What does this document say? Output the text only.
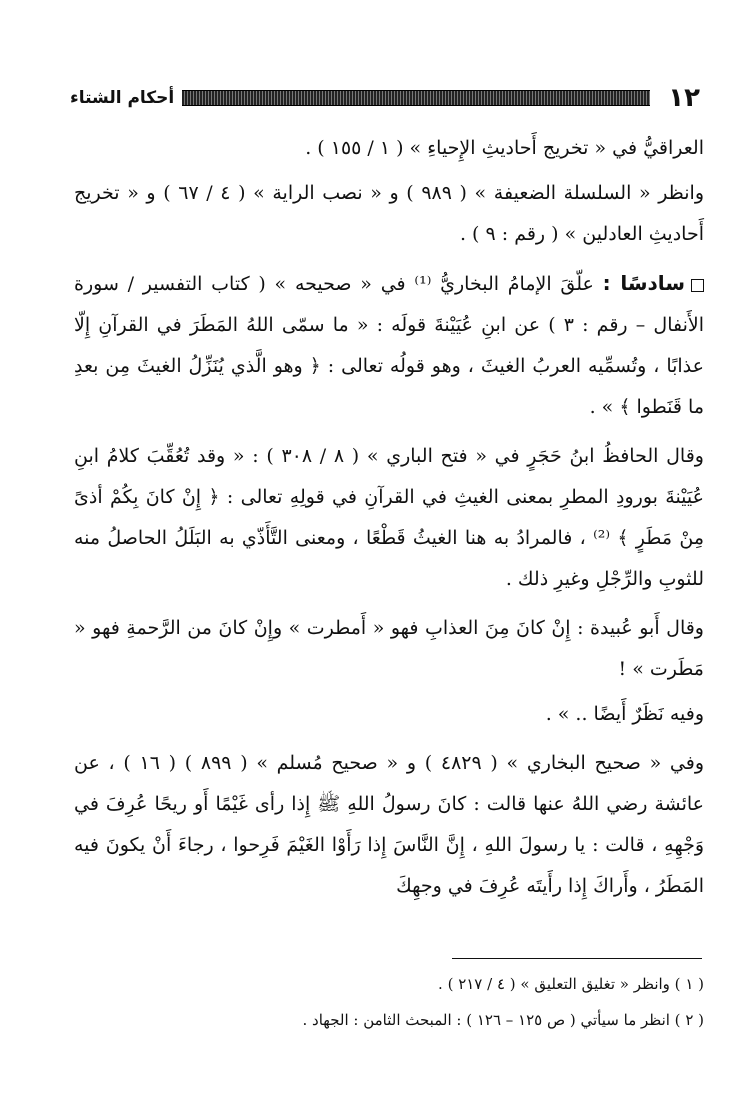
١٢
أحكام الشتاء

العراقيُّ في « تخريج أَحاديثِ الإِحياءِ » ( ١ / ١٥٥ ) .

وانظر « السلسلة الضعيفة » ( ٩٨٩ ) و « نصب الراية » ( ٤ / ٦٧ ) و « تخريج أَحاديثِ العادلين » ( رقم : ٩ ) .

سادسًا : علّقَ الإمامُ البخاريُّ ⁽¹⁾ في « صحيحه » ( كتاب التفسير / سورة الأَنفال – رقم : ٣ ) عن ابنِ عُيَيْنةَ قولَه : « ما سمّى اللهُ المَطَرَ في القرآنِ إِلّا عذابًا ، وتُسمِّيه العربُ الغيثَ ، وهو قولُه تعالى : ﴿ وهو الَّذي يُنَزِّلُ الغيثَ مِن بعدِ ما قَنَطوا ﴾ » .

وقال الحافظُ ابنُ حَجَرٍ في « فتح الباري » ( ٨ / ٣٠٨ ) : « وقد تُعُقِّبَ كلامُ ابنِ عُيَيْنةَ بورودِ المطرِ بمعنى الغيثِ في القرآنِ في قولِهِ تعالى : ﴿ إِنْ كانَ بِكُمْ أذىً مِنْ مَطَرٍ ﴾ ⁽²⁾ ، فالمرادُ به هنا الغيثُ قَطْعًا ، ومعنى التَّأَذّي به البَلَلُ الحاصلُ منه للثوبِ والرِّجْلِ وغيرِ ذلك .

وقال أَبو عُبيدة : إِنْ كانَ مِنَ العذابِ فهو « أَمطرت » وإِنْ كانَ من الرَّحمةِ فهو « مَطَرت » !

وفيه نَظَرٌ أَيضًا .. » .

وفي « صحيح البخاري » ( ٤٨٢٩ ) و « صحيح مُسلم » ( ٨٩٩ ) ( ١٦ ) ، عن عائشة رضي اللهُ عنها قالت : كانَ رسولُ اللهِ ﷺ إِذا رأى غَيْمًا أَو ريحًا عُرِفَ في وَجْهِهِ ، قالت : يا رسولَ اللهِ ، إِنَّ النَّاسَ إِذا رَأَوْا الغَيْمَ فَرِحوا ، رجاءَ أَنْ يكونَ فيه المَطَرُ ، وأَراكَ إِذا رأَيتَه عُرِفَ في وجهِكَ

( ١ ) وانظر « تغليق التعليق » ( ٤ / ٢١٧ ) .
( ٢ ) انظر ما سيأتي ( ص ١٢٥ – ١٢٦ ) : المبحث الثامن : الجهاد .
